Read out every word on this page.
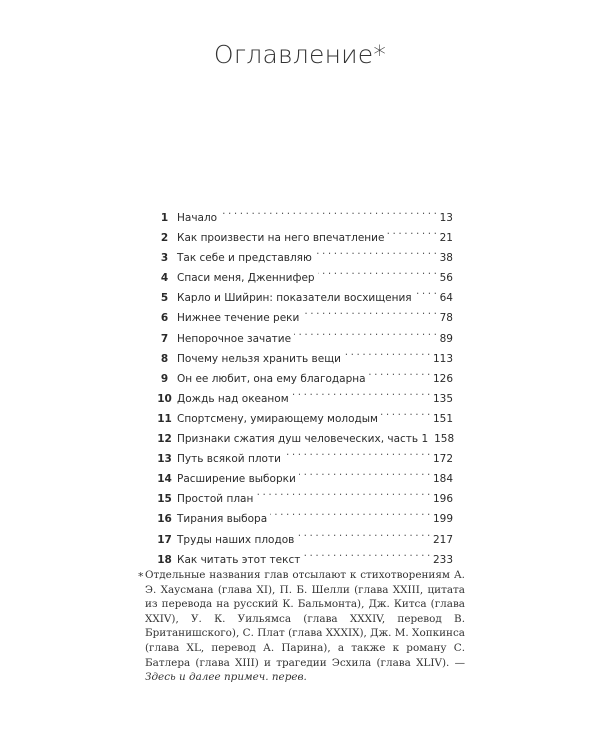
Оглавление*
1 Начало . . .	13
2 Как произвести на него впечатление . . .	21
3 Так себе и представляю . . .	38
4 Спаси меня, Дженнифер . . .	56
5 Карло и Шийрин: показатели восхищения . . .	64
6 Нижнее течение реки . . .	78
7 Непорочное зачатие . . .	89
8 Почему нельзя хранить вещи . . .	113
9 Он ее любит, она ему благодарна . . .	126
10 Дождь над океаном . . .	135
11 Спортсмену, умирающему молодым . . .	151
12 Признаки сжатия душ человеческих, часть 1 158
13 Путь всякой плоти . . .	172
14 Расширение выборки . . .	184
15 Простой план . . .	196
16 Тирания выбора . . .	199
17 Труды наших плодов . . .	217
18 Как читать этот текст . . .	233
* Отдельные названия глав отсылают к стихотворениям А. Э. Хаусмана (глава XI), П. Б. Шелли (глава XXIII, цитата из перевода на русский К. Бальмонта), Дж. Китса (глава XXIV), У. К. Уильямса (глава XXXIV, перевод В. Британишского), С. Плат (глава XXXIX), Дж. М. Хопкинса (глава XL, перевод А. Парина), а также к роману С. Батлера (глава XIII) и трагедии Эсхила (глава XLIV). — Здесь и далее примеч. перев.
